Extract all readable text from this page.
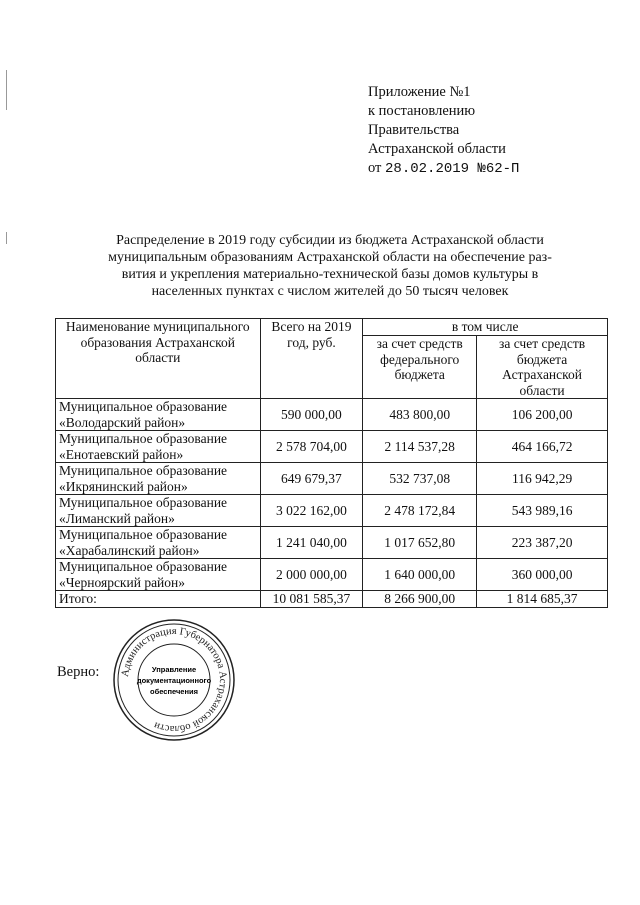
Приложение №1
к постановлению
Правительства
Астраханской области
от 28.02.2019 №62-П
Распределение в 2019 году субсидии из бюджета Астраханской области
муниципальным образованиям Астраханской области на обеспечение раз-
вития и укрепления материально-технической базы домов культуры в
населенных пунктах с числом жителей до 50 тысяч человек
Наименование муниципального образования Астраханской области	Всего на 2019 год, руб.	в том числе	
		за счет средств федерального бюджета	за счет средств бюджета Астраханской области

Муниципальное образование
«Володарский район»	590 000,00	483 800,00	106 200,00

Муниципальное образование
«Енотаевский район»	2 578 704,00	2 114 537,28	464 166,72

Муниципальное образование
«Икрянинский район»	649 679,37	532 737,08	116 942,29

Муниципальное образование
«Лиманский район»	3 022 162,00	2 478 172,84	543 989,16

Муниципальное образование
«Харабалинский район»	1 241 040,00	1 017 652,80	223 387,20

Муниципальное образование
«Черноярский район»	2 000 000,00	1 640 000,00	360 000,00
Итого:	10 081 585,37	8 266 900,00	1 814 685,37
Верно: Администрация Губернатора Астраханской области
Управление
документационного
обеспечения
